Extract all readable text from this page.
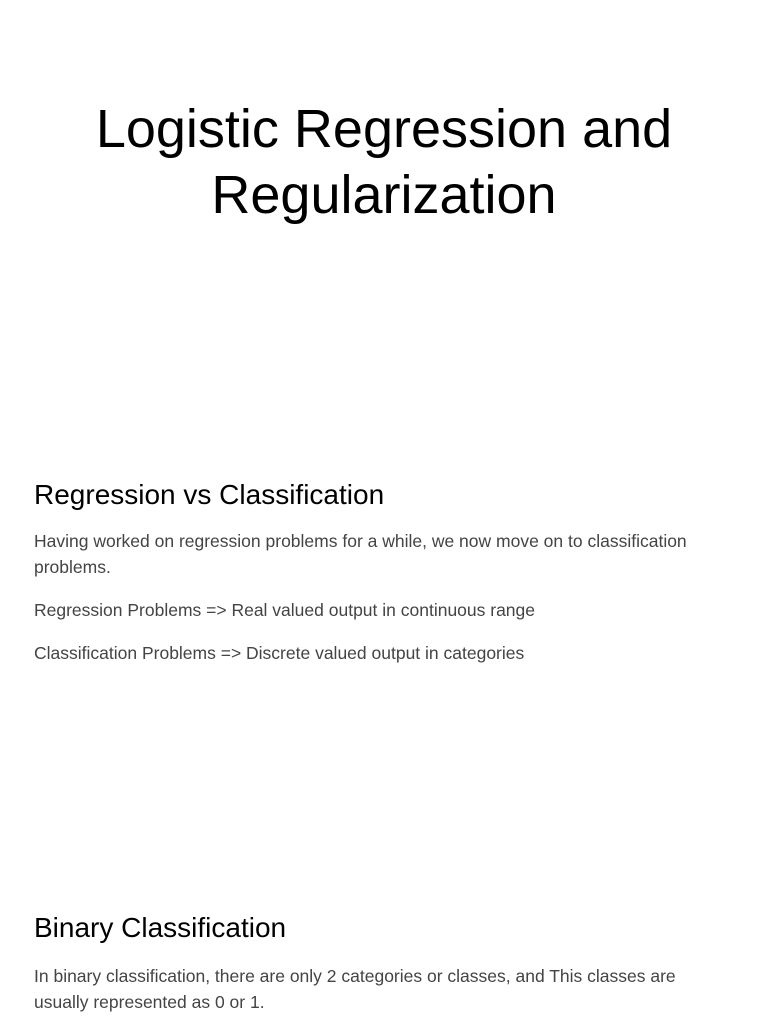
Logistic Regression and
Regularization
Regression vs Classification

Having worked on regression problems for a while, we now move on to classification problems.

Regression Problems => Real valued output in continuous range

Classification Problems => Discrete valued output in categories

Binary Classification

In binary classification, there are only 2 categories or classes, and This classes are usually represented as 0 or 1.
